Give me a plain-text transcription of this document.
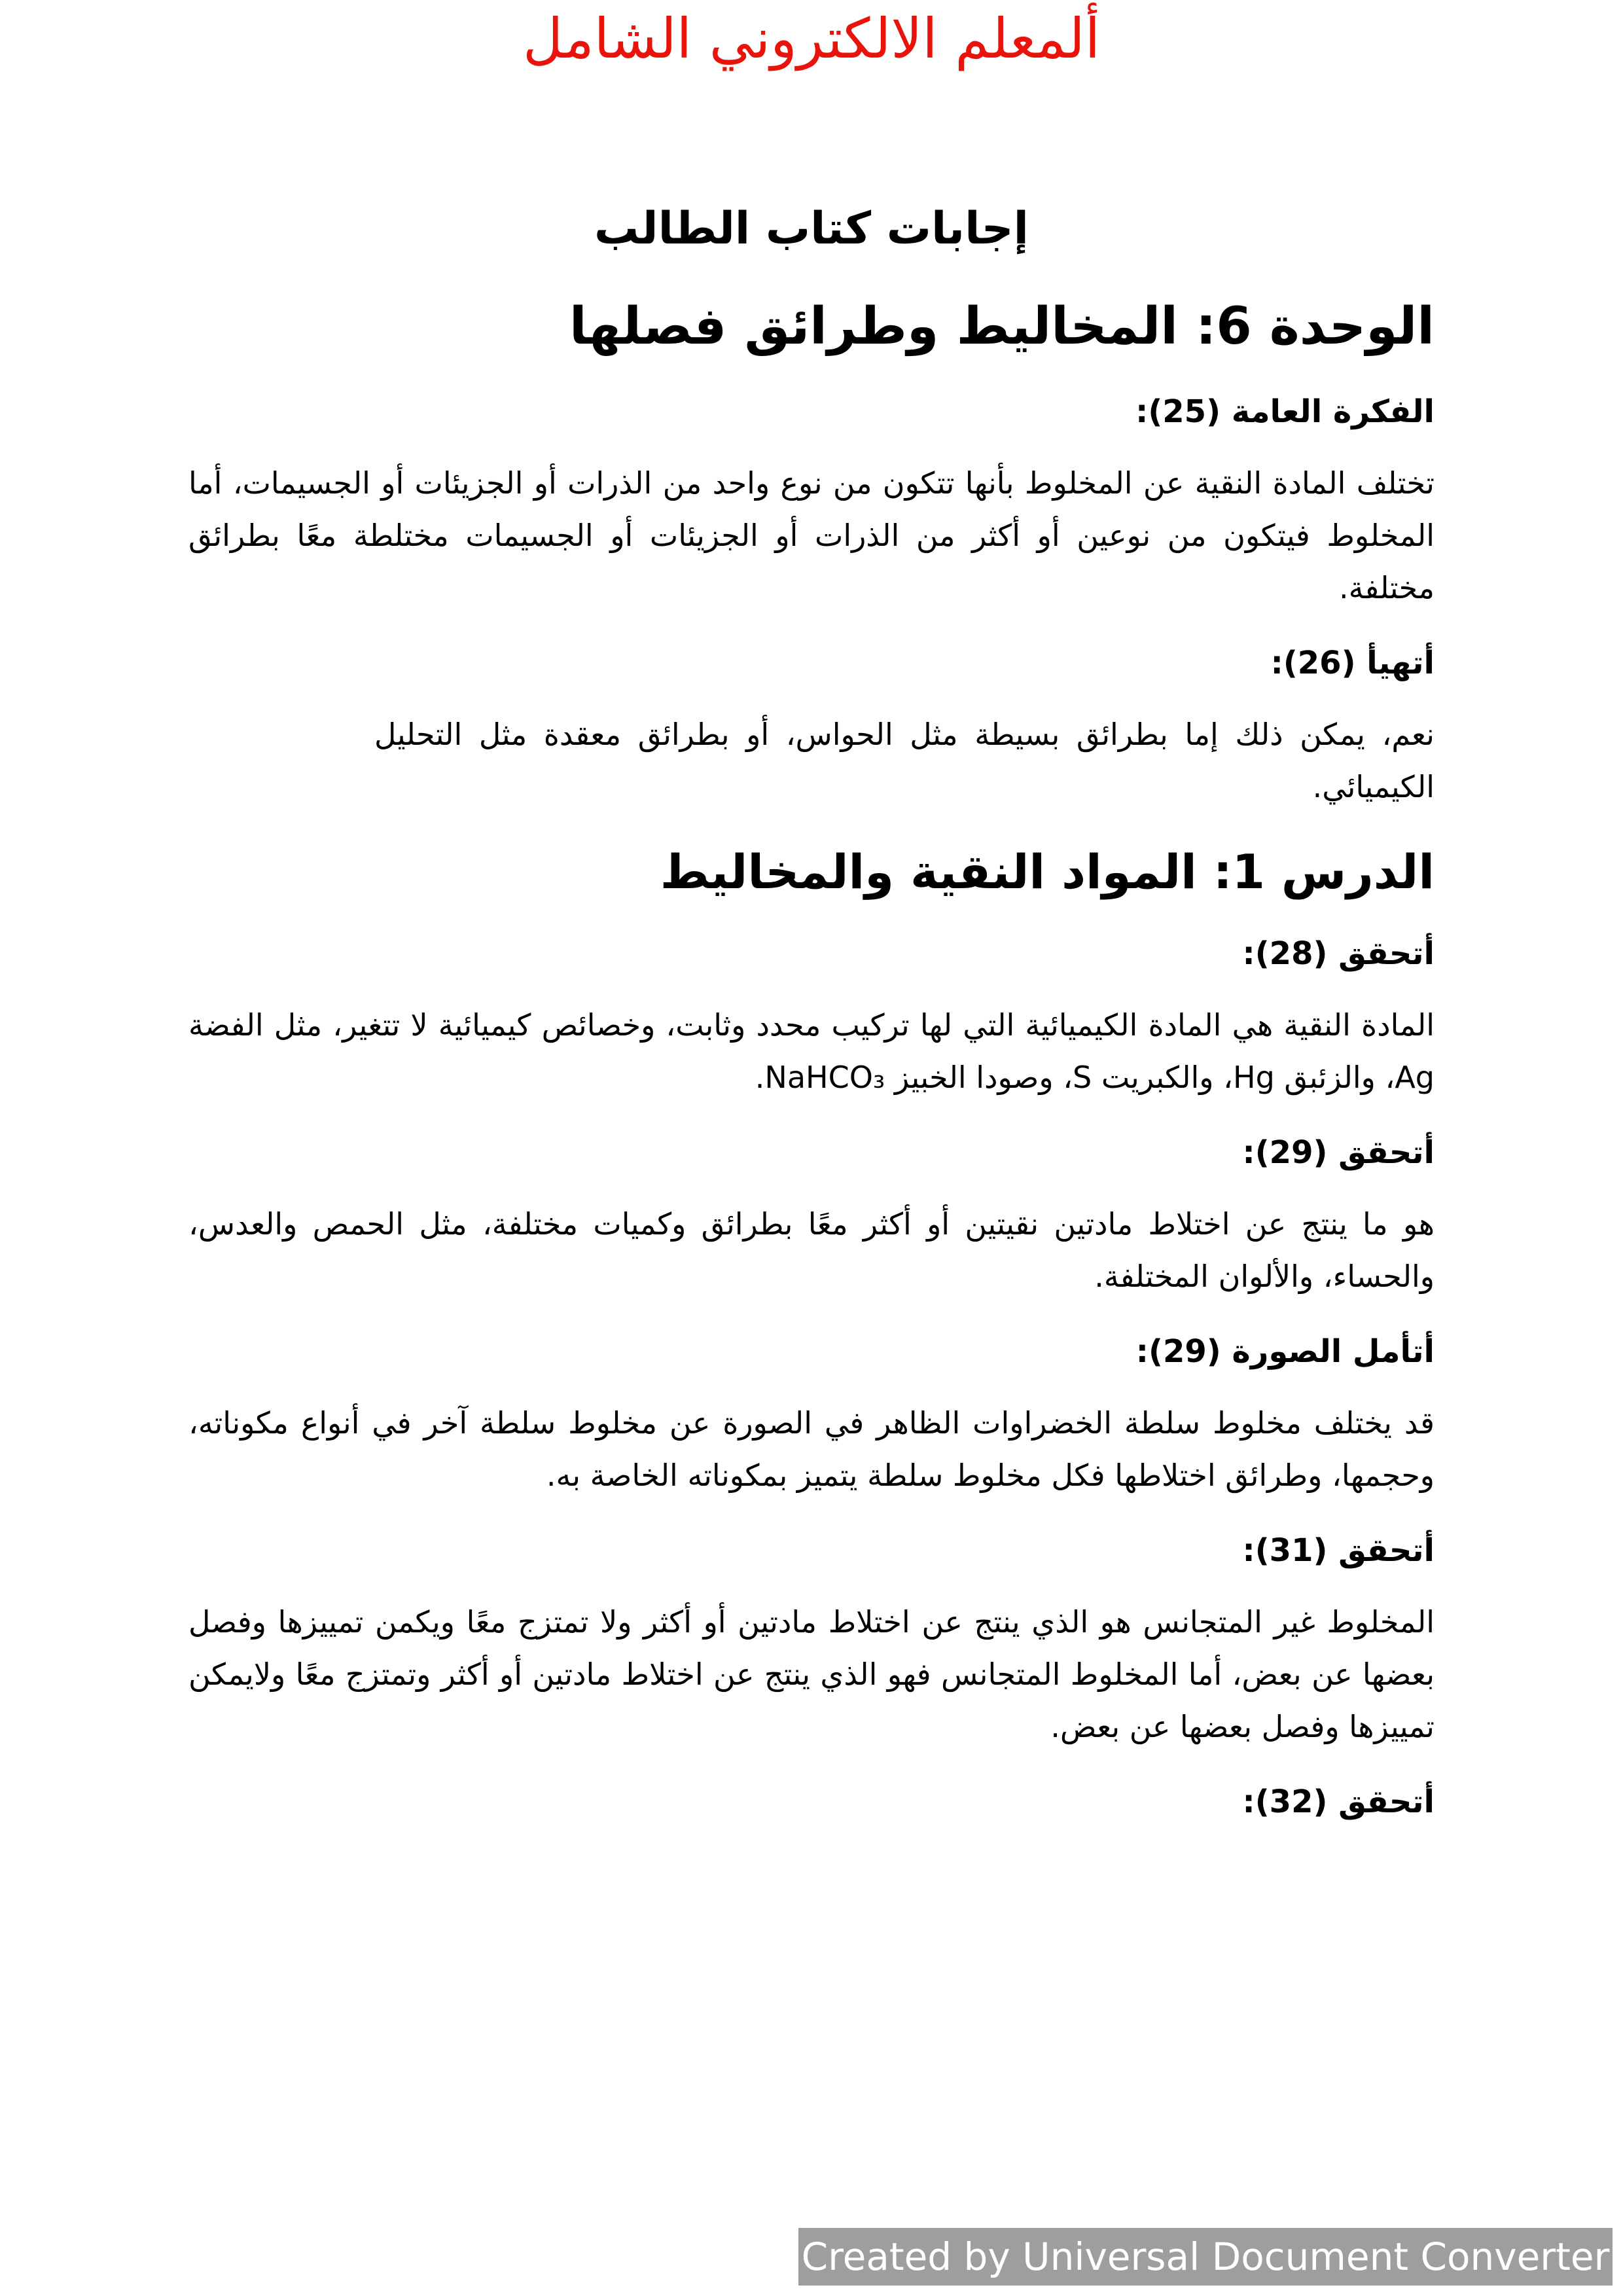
ألمعلم الالكتروني الشامل
إجابات كتاب الطالب
الوحدة 6: المخاليط وطرائق فصلها
الفكرة العامة (25):

تختلف المادة النقية عن المخلوط بأنها تتكون من نوع واحد من الذرات أو الجزيئات أو الجسيمات، أما المخلوط فيتكون من نوعين أو أكثر من الذرات أو الجزيئات أو الجسيمات مختلطة معًا بطرائق مختلفة.

أتهيأ (26):

نعم، يمكن ذلك إما بطرائق بسيطة مثل الحواس، أو بطرائق معقدة مثل التحليل الكيميائي.

الدرس 1: المواد النقية والمخاليط
أتحقق (28):

المادة النقية هي المادة الكيميائية التي لها تركيب محدد وثابت، وخصائص كيميائية لا تتغير، مثل الفضة Ag، والزئبق Hg، والكبريت S، وصودا الخبيز NaHCO₃.

أتحقق (29):

هو ما ينتج عن اختلاط مادتين نقيتين أو أكثر معًا بطرائق وكميات مختلفة، مثل الحمص والعدس، والحساء، والألوان المختلفة.

أتأمل الصورة (29):

قد يختلف مخلوط سلطة الخضراوات الظاهر في الصورة عن مخلوط سلطة آخر في أنواع مكوناته، وحجمها، وطرائق اختلاطها فكل مخلوط سلطة يتميز بمكوناته الخاصة به.

أتحقق (31):

المخلوط غير المتجانس هو الذي ينتج عن اختلاط مادتين أو أكثر ولا تمتزج معًا ويكمن تمييزها وفصل بعضها عن بعض، أما المخلوط المتجانس فهو الذي ينتج عن اختلاط مادتين أو أكثر وتمتزج معًا ولايمكن تمييزها وفصل بعضها عن بعض.

أتحقق (32):
Created by Universal Document Converter
